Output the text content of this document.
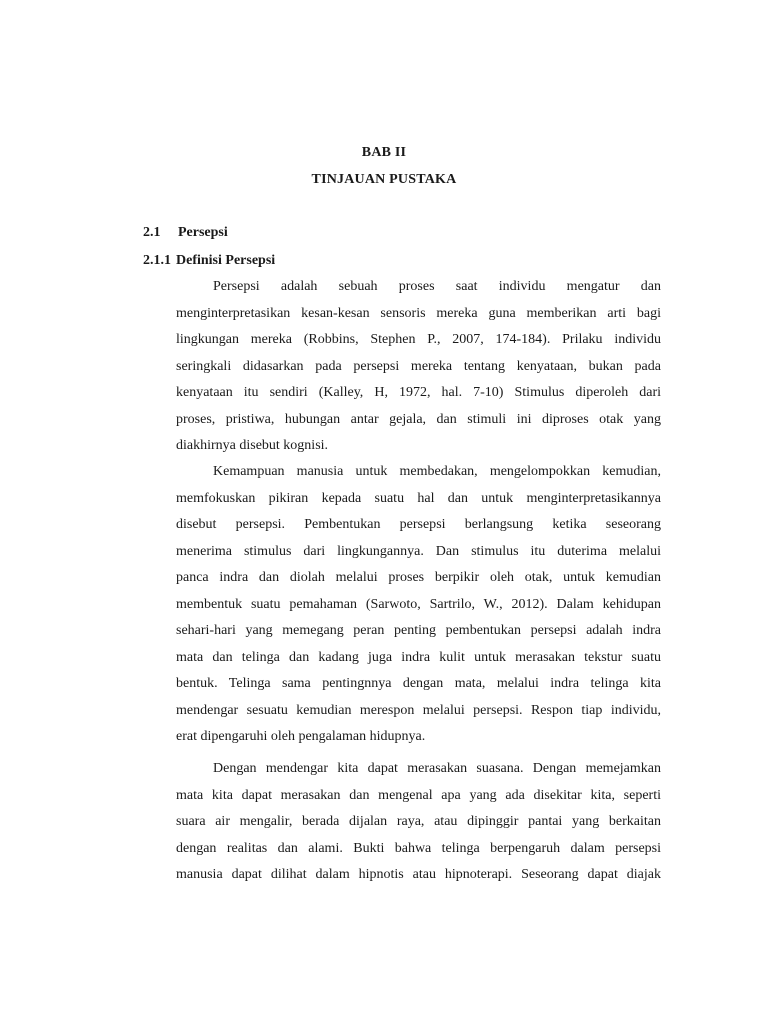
BAB II
TINJAUAN PUSTAKA
2.1 Persepsi
2.1.1 Definisi Persepsi
Persepsi adalah sebuah proses saat individu mengatur dan
menginterpretasikan kesan-kesan sensoris mereka guna memberikan arti bagi
lingkungan mereka (Robbins, Stephen P., 2007, 174-184). Prilaku individu
seringkali didasarkan pada persepsi mereka tentang kenyataan, bukan pada
kenyataan itu sendiri (Kalley, H, 1972, hal. 7-10) Stimulus diperoleh dari
proses, pristiwa, hubungan antar gejala, dan stimuli ini diproses otak yang
diakhirnya disebut kognisi.
Kemampuan manusia untuk membedakan, mengelompokkan kemudian,
memfokuskan pikiran kepada suatu hal dan untuk menginterpretasikannya
disebut persepsi. Pembentukan persepsi berlangsung ketika seseorang
menerima stimulus dari lingkungannya. Dan stimulus itu duterima melalui
panca indra dan diolah melalui proses berpikir oleh otak, untuk kemudian
membentuk suatu pemahaman (Sarwoto, Sartrilo, W., 2012). Dalam kehidupan
sehari-hari yang memegang peran penting pembentukan persepsi adalah indra
mata dan telinga dan kadang juga indra kulit untuk merasakan tekstur suatu
bentuk. Telinga sama pentingnnya dengan mata, melalui indra telinga kita
mendengar sesuatu kemudian merespon melalui persepsi. Respon tiap individu,
erat dipengaruhi oleh pengalaman hidupnya.
Dengan mendengar kita dapat merasakan suasana. Dengan memejamkan
mata kita dapat merasakan dan mengenal apa yang ada disekitar kita, seperti
suara air mengalir, berada dijalan raya, atau dipinggir pantai yang berkaitan
dengan realitas dan alami. Bukti bahwa telinga berpengaruh dalam persepsi
manusia dapat dilihat dalam hipnotis atau hipnoterapi. Seseorang dapat diajak
